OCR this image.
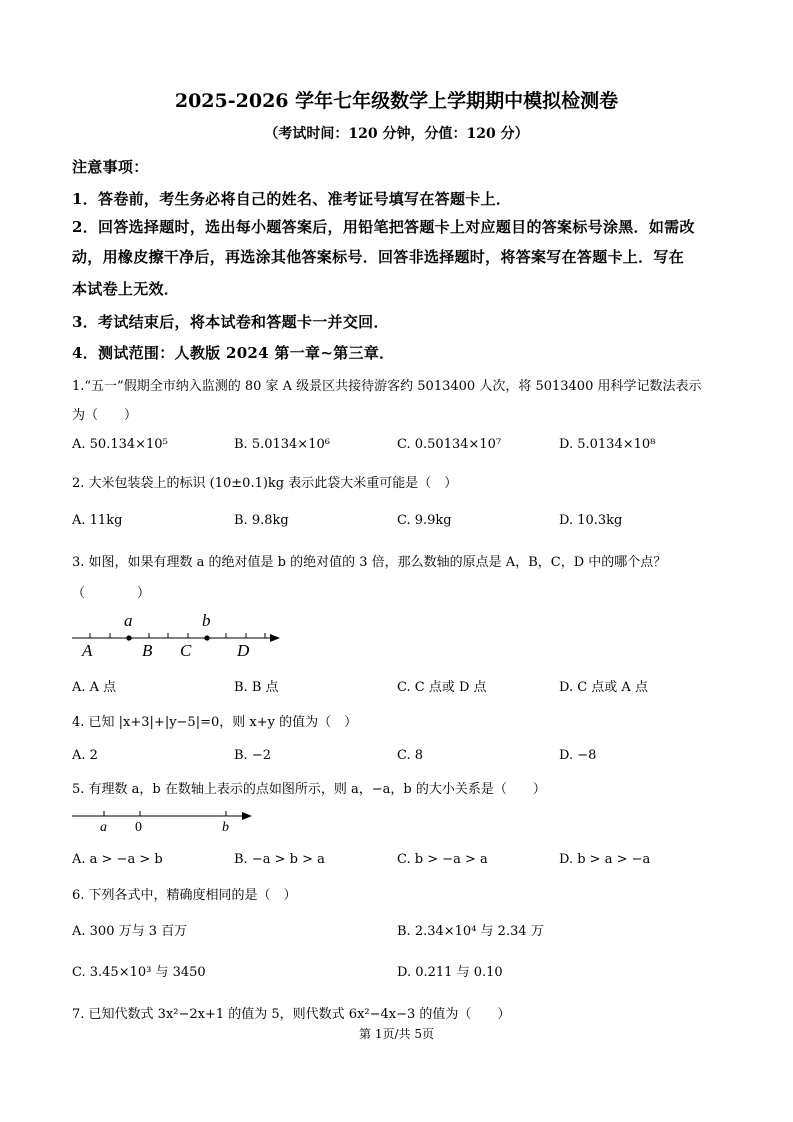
2025-2026 学年七年级数学上学期期中模拟检测卷
（考试时间：120 分钟，分值：120 分）
注意事项：
1．答卷前，考生务必将自己的姓名、准考证号填写在答题卡上．
2．回答选择题时，选出每小题答案后，用铅笔把答题卡上对应题目的答案标号涂黑．如需改
动，用橡皮擦干净后，再选涂其他答案标号．回答非选择题时，将答案写在答题卡上．写在
本试卷上无效．
3．考试结束后，将本试卷和答题卡一并交回．
4．测试范围：人教版 2024 第一章~第三章．
1.“五一”假期全市纳入监测的 80 家 A 级景区共接待游客约 5013400 人次，将 5013400 用科学记数法表示
为（　　）
A. 50.134×10⁵	B. 5.0134×10⁶	C. 0.50134×10⁷	D. 5.0134×10⁸
2. 大米包装袋上的标识 (10±0.1)kg 表示此袋大米重可能是（　）
A. 11kg	B. 9.8kg	C. 9.9kg	D. 10.3kg
3. 如图，如果有理数 a 的绝对值是 b 的绝对值的 3 倍，那么数轴的原点是 A，B，C，D 中的哪个点？
（　　　　）
a	b
A	B C	D
A. A 点	B. B 点	C. C 点或 D 点	D. C 点或 A 点
4. 已知 |x+3|+|y−5|=0，则 x+y 的值为（　）
A. 2	B. −2	C. 8	D. −8
5. 有理数 a，b 在数轴上表示的点如图所示，则 a，−a，b 的大小关系是（　　）
a 0	b
A. a > −a > b	B. −a > b > a	C. b > −a > a	D. b > a > −a
6. 下列各式中，精确度相同的是（　）
A. 300 万与 3 百万	B. 2.34×10⁴ 与 2.34 万
C. 3.45×10³ 与 3450	D. 0.211 与 0.10
7. 已知代数式 3x²−2x+1 的值为 5，则代数式 6x²−4x−3 的值为（　　）
第 1页/共 5页
